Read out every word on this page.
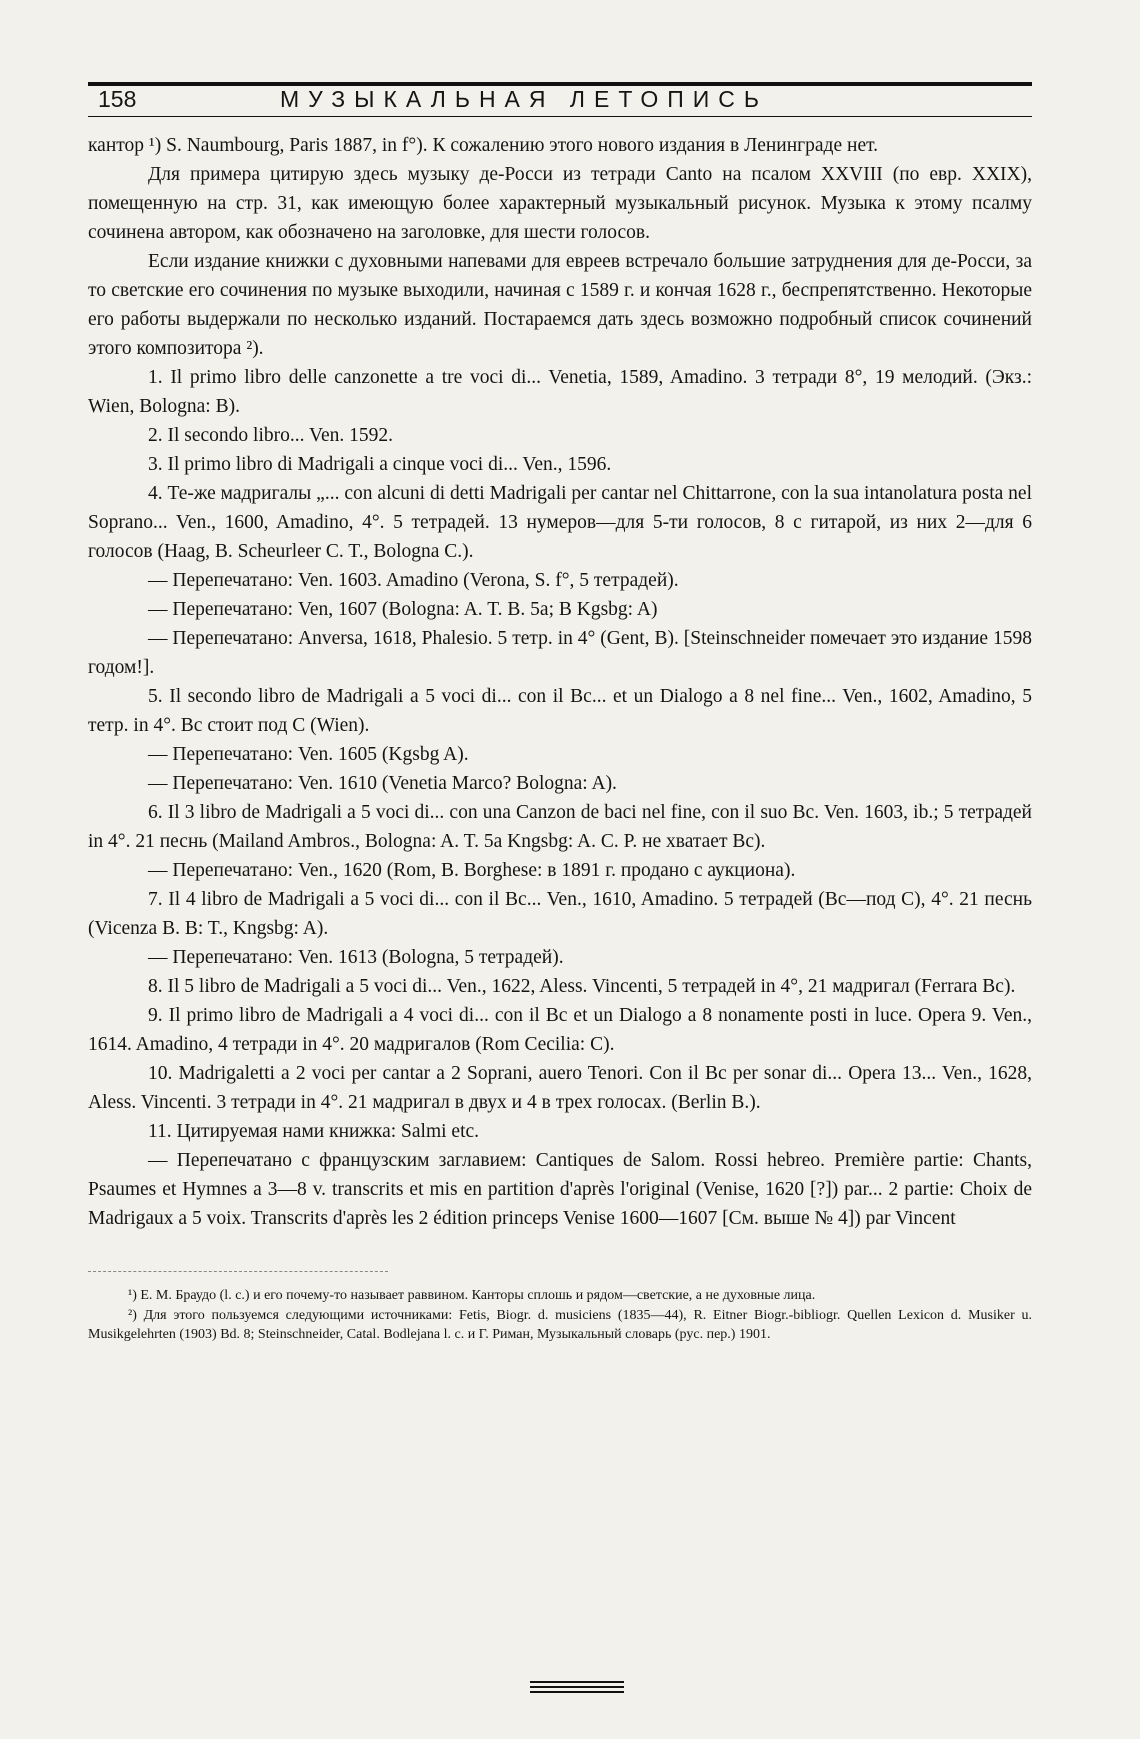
158	МУЗЫКАЛЬНАЯ ЛЕТОПИСЬ

кантор ¹) S. Naumbourg, Paris 1887, in f°). К сожалению этого нового издания в Ленинграде нет.

Для примера цитирую здесь музыку де-Росси из тетради Canto на псалом XXVIII (по евр. XXIX), помещенную на стр. 31, как имеющую более характерный музыкальный рисунок. Музыка к этому псалму сочинена автором, как обозначено на заголовке, для шести голосов.

Если издание книжки с духовными напевами для евреев встречало большие затруднения для де-Росси, за то светские его сочинения по музыке выходили, начиная с 1589 г. и кончая 1628 г., беспрепятственно. Некоторые его работы выдержали по несколько изданий. Постараемся дать здесь возможно подробный список сочинений этого композитора ²).

1. Il primo libro delle canzonette a tre voci di... Venetia, 1589, Amadino. 3 тетради 8°, 19 мелодий. (Экз.: Wien, Bologna: B).

2. Il secondo libro... Ven. 1592.

3. Il primo libro di Madrigali a cinque voci di... Ven., 1596.

4. Те-же мадригалы „... con alcuni di detti Madrigali per cantar nel Chittarrone, con la sua intanolatura posta nel Soprano... Ven., 1600, Amadino, 4°. 5 тетрадей. 13 нумеров—для 5-ти голосов, 8 с гитарой, из них 2—для 6 голосов (Haag, B. Scheurleer C. T., Bologna C.).

— Перепечатано: Ven. 1603. Amadino (Verona, S. f°, 5 тетрадей).

— Перепечатано: Ven, 1607 (Bologna: A. T. B. 5a; B Kgsbg: A)

— Перепечатано: Anversa, 1618, Phalesio. 5 тетр. in 4° (Gent, B). [Steinschneider помечает это издание 1598 годом!].

5. Il secondo libro de Madrigali a 5 voci di... con il Bc... et un Dialogo a 8 nel fine... Ven., 1602, Amadino, 5 тетр. in 4°. Bc стоит под C (Wien).

— Перепечатано: Ven. 1605 (Kgsbg A).

— Перепечатано: Ven. 1610 (Venetia Marco? Bologna: A).

6. Il 3 libro de Madrigali a 5 voci di... con una Canzon de baci nel fine, con il suo Bc. Ven. 1603, ib.; 5 тетрадей in 4°. 21 песнь (Mailand Ambros., Bologna: A. T. 5a Kngsbg: A. C. P. не хватает Bc).

— Перепечатано: Ven., 1620 (Rom, B. Borghese: в 1891 г. продано с аукциона).

7. Il 4 libro de Madrigali a 5 voci di... con il Bc... Ven., 1610, Amadino. 5 тетрадей (Bc—под C), 4°. 21 песнь (Vicenza B. B: T., Kngsbg: A).

— Перепечатано: Ven. 1613 (Bologna, 5 тетрадей).

8. Il 5 libro de Madrigali a 5 voci di... Ven., 1622, Aless. Vincenti, 5 тетрадей in 4°, 21 мадригал (Ferrara Bc).

9. Il primo libro de Madrigali a 4 voci di... con il Bc et un Dialogo a 8 nonamente posti in luce. Opera 9. Ven., 1614. Amadino, 4 тетради in 4°. 20 мадригалов (Rom Cecilia: C).

10. Madrigaletti a 2 voci per cantar a 2 Soprani, auero Tenori. Con il Bc per sonar di... Opera 13... Ven., 1628, Aless. Vincenti. 3 тетради in 4°. 21 мадригал в двух и 4 в трех голосах. (Berlin B.).

11. Цитируемая нами книжка: Salmi etc.

— Перепечатано с французским заглавием: Cantiques de Salom. Rossi hebreo. Première partie: Chants, Psaumes et Hymnes a 3—8 v. transcrits et mis en partition d'après l'original (Venise, 1620 [?]) par... 2 partie: Choix de Madrigaux a 5 voix. Transcrits d'après les 2 édition princeps Venise 1600—1607 [См. выше № 4]) par Vincent

¹) E. M. Браудо (l. c.) и его почему-то называет раввином. Канторы сплошь и рядом—светские, а не духовные лица.

²) Для этого пользуемся следующими источниками: Fetis, Biogr. d. musiciens (1835—44), R. Eitner Biogr.-bibliogr. Quellen Lexicon d. Musiker u. Musikgelehrten (1903) Bd. 8; Steinschneider, Catal. Bodlejana l. c. и Г. Риман, Музыкальный словарь (рус. пер.) 1901.
